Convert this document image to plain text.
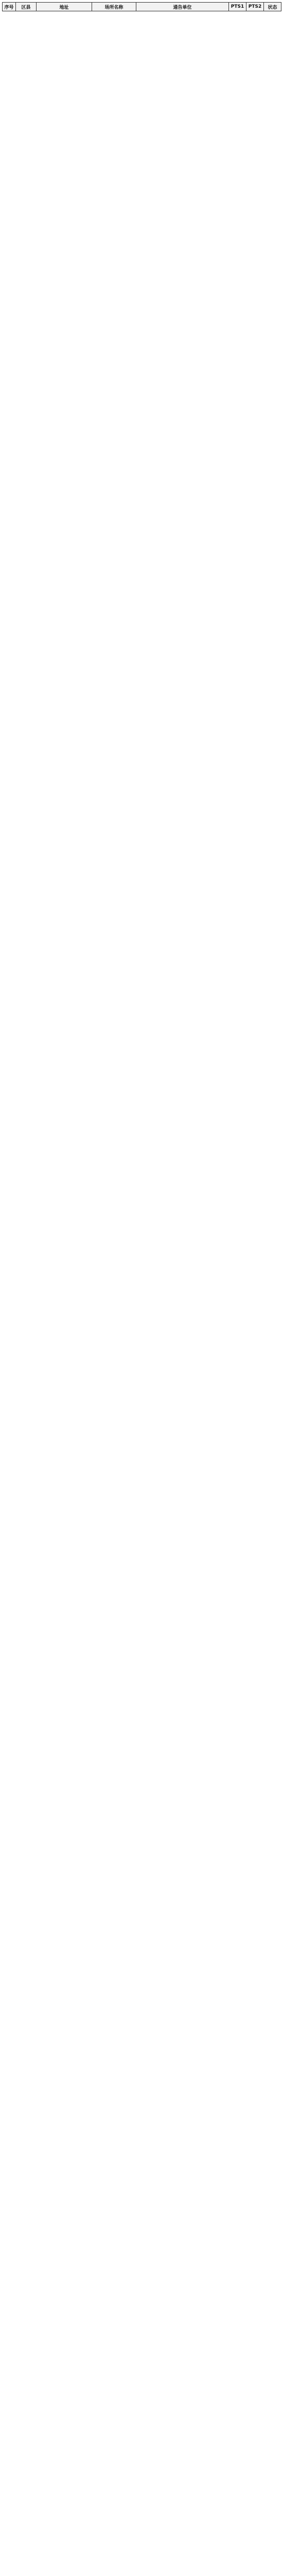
序号	区县	地址	场所名称	通告单位	PTS1	PTS2	状态
